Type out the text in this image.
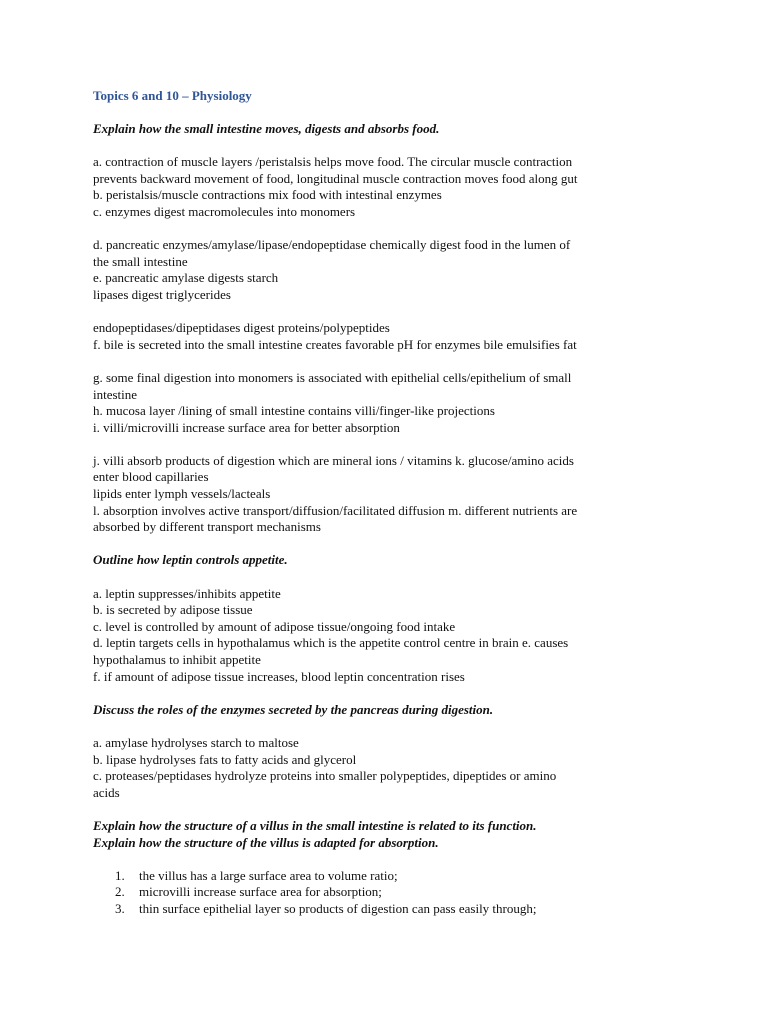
Topics 6 and 10 – Physiology

Explain how the small intestine moves, digests and absorbs food.

a. contraction of muscle layers /peristalsis helps move food. The circular muscle contraction

prevents backward movement of food, longitudinal muscle contraction moves food along gut

b. peristalsis/muscle contractions mix food with intestinal enzymes

c. enzymes digest macromolecules into monomers

d. pancreatic enzymes/amylase/lipase/endopeptidase chemically digest food in the lumen of

the small intestine

e. pancreatic amylase digests starch

lipases digest triglycerides

endopeptidases/dipeptidases digest proteins/polypeptides

f. bile is secreted into the small intestine creates favorable pH for enzymes bile emulsifies fat

g. some final digestion into monomers is associated with epithelial cells/epithelium of small

intestine

h. mucosa layer /lining of small intestine contains villi/finger-like projections

i. villi/microvilli increase surface area for better absorption

j. villi absorb products of digestion which are mineral ions / vitamins k. glucose/amino acids

enter blood capillaries

lipids enter lymph vessels/lacteals

l. absorption involves active transport/diffusion/facilitated diffusion m. different nutrients are

absorbed by different transport mechanisms

Outline how leptin controls appetite.

a. leptin suppresses/inhibits appetite

b. is secreted by adipose tissue

c. level is controlled by amount of adipose tissue/ongoing food intake

d. leptin targets cells in hypothalamus which is the appetite control centre in brain e. causes

hypothalamus to inhibit appetite

f. if amount of adipose tissue increases, blood leptin concentration rises

Discuss the roles of the enzymes secreted by the pancreas during digestion.

a. amylase hydrolyses starch to maltose

b. lipase hydrolyses fats to fatty acids and glycerol

c. proteases/peptidases hydrolyze proteins into smaller polypeptides, dipeptides or amino

acids

Explain how the structure of a villus in the small intestine is related to its function.

Explain how the structure of the villus is adapted for absorption.

1. the villus has a large surface area to volume ratio;
2. microvilli increase surface area for absorption;
3. thin surface epithelial layer so products of digestion can pass easily through;
